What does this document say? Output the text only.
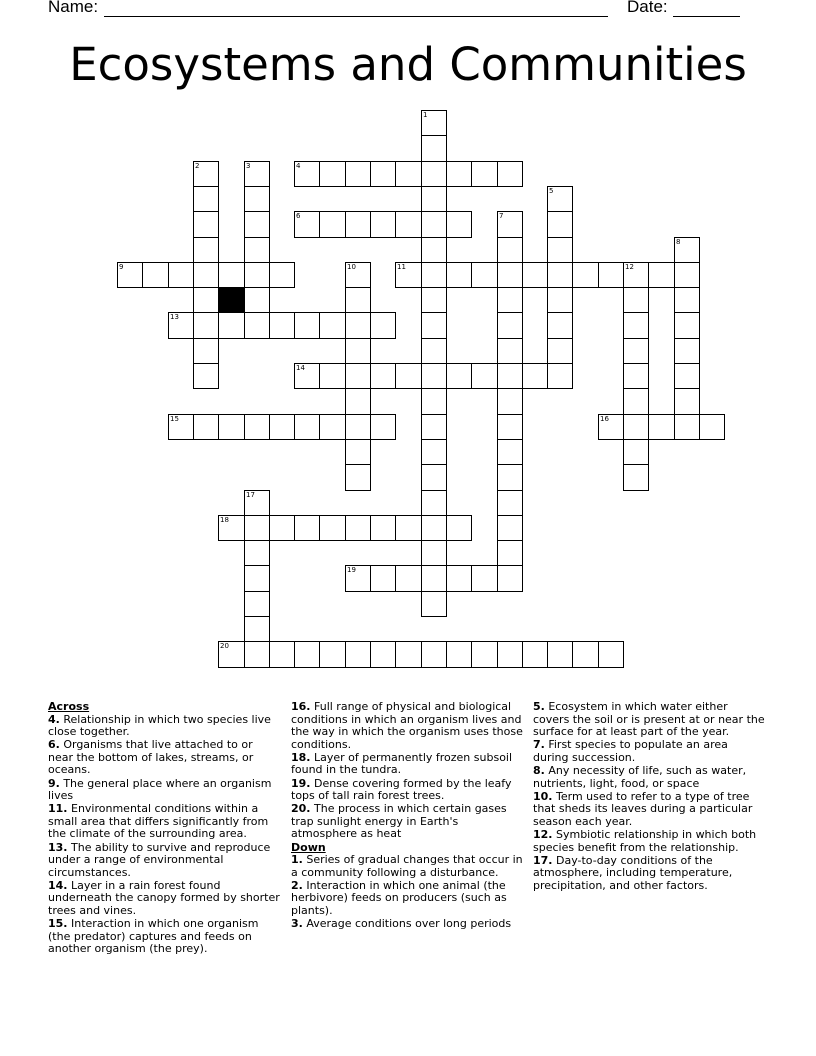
Name:	Date:
Ecosystems and Communities
1
2	3	4
5
6	7
8
9	10	11	12
13
14
15	16
17
18
19
20
Across
4. Relationship in which two species live close together.
6. Organisms that live attached to or near the bottom of lakes, streams, or oceans.
9. The general place where an organism lives
11. Environmental conditions within a small area that differs significantly from the climate of the surrounding area.
13. The ability to survive and reproduce under a range of environmental circumstances.
14. Layer in a rain forest found underneath the canopy formed by shorter trees and vines.
15. Interaction in which one organism (the predator) captures and feeds on another organism (the prey).
16. Full range of physical and biological conditions in which an organism lives and the way in which the organism uses those conditions.
18. Layer of permanently frozen subsoil found in the tundra.
19. Dense covering formed by the leafy tops of tall rain forest trees.
20. The process in which certain gases trap sunlight energy in Earth's atmosphere as heat
Down
1. Series of gradual changes that occur in a community following a disturbance.
2. Interaction in which one animal (the herbivore) feeds on producers (such as plants).
3. Average conditions over long periods
5. Ecosystem in which water either covers the soil or is present at or near the surface for at least part of the year.
7. First species to populate an area during succession.
8. Any necessity of life, such as water, nutrients, light, food, or space
10. Term used to refer to a type of tree that sheds its leaves during a particular season each year.
12. Symbiotic relationship in which both species benefit from the relationship.
17. Day-to-day conditions of the atmosphere, including temperature, precipitation, and other factors.
